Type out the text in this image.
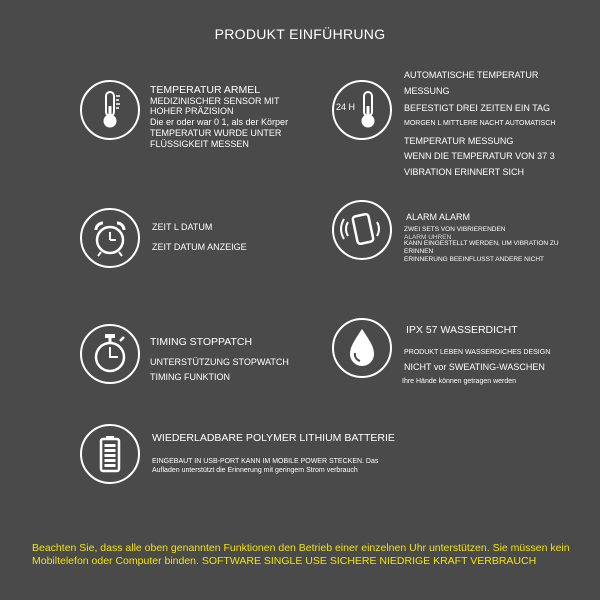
PRODUKT EINFÜHRUNG
TEMPERATUR ARMEL
MEDIZINISCHER SENSOR MIT
HOHER PRÄZISION
Die er oder war 0 1, als der Körper
TEMPERATUR WURDE UNTER
FLÜSSIGKEIT MESSEN
24 H
AUTOMATISCHE TEMPERATUR
MESSUNG
BEFESTIGT DREI ZEITEN EIN TAG
MORGEN L MITTLERE NACHT AUTOMATISCH
TEMPERATUR MESSUNG
WENN DIE TEMPERATUR VON 37 3
VIBRATION ERINNERT SICH
ZEIT L DATUM
ZEIT DATUM ANZEIGE
ALARM ALARM
ZWEI SETS VON VIBRIERENDEN
ALARM UHREN
KANN EINGESTELLT WERDEN, UM VIBRATION ZU
ERINNEN
ERINNERUNG BEEINFLUSST ANDERE NICHT
TIMING STOPPATCH
UNTERSTÜTZUNG STOPWATCH
TIMING FUNKTION
IPX 57 WASSERDICHT
PRODUKT LEBEN WASSERDICHES DESIGN
NICHT vor SWEATING-WASCHEN
Ihre Hände können getragen werden
WIEDERLADBARE POLYMER LITHIUM BATTERIE
EINGEBAUT IN USB-PORT KANN IM MOBILE POWER STECKEN. Das
Aufladen unterstützt die Erinnerung mit geringem Strom verbrauch
Beachten Sie, dass alle oben genannten Funktionen den Betrieb einer einzelnen Uhr unterstützen. Sie müssen kein Mobiltelefon oder Computer binden. SOFTWARE SINGLE USE SICHERE NIEDRIGE KRAFT VERBRAUCH
